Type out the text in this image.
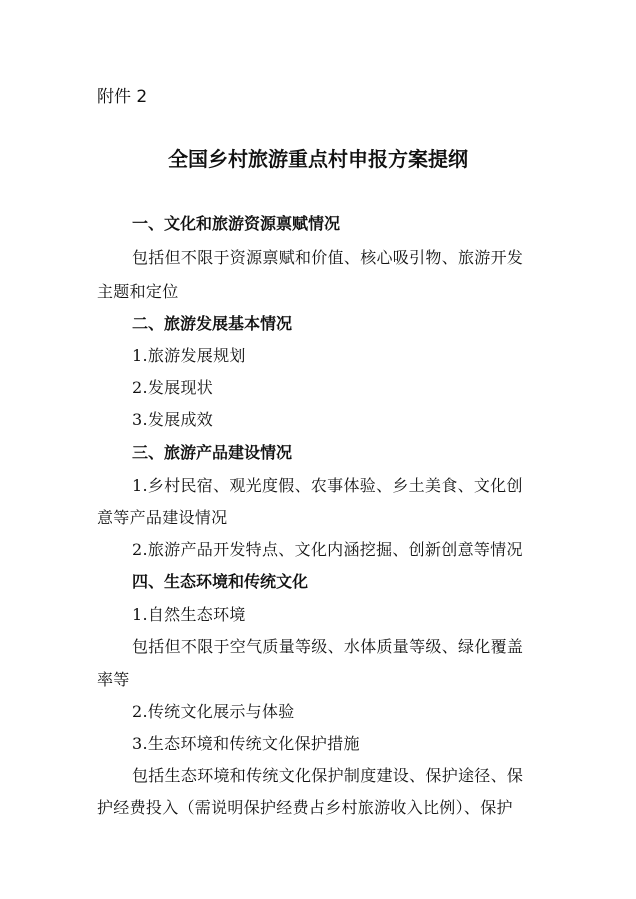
附件 2
全国乡村旅游重点村申报方案提纲
一、文化和旅游资源禀赋情况
包括但不限于资源禀赋和价值、核心吸引物、旅游开发
主题和定位
二、旅游发展基本情况
1.旅游发展规划
2.发展现状
3.发展成效
三、旅游产品建设情况
1.乡村民宿、观光度假、农事体验、乡土美食、文化创
意等产品建设情况
2.旅游产品开发特点、文化内涵挖掘、创新创意等情况
四、生态环境和传统文化
1.自然生态环境
包括但不限于空气质量等级、水体质量等级、绿化覆盖
率等
2.传统文化展示与体验
3.生态环境和传统文化保护措施
包括生态环境和传统文化保护制度建设、保护途径、保
护经费投入（需说明保护经费占乡村旅游收入比例）、保护
